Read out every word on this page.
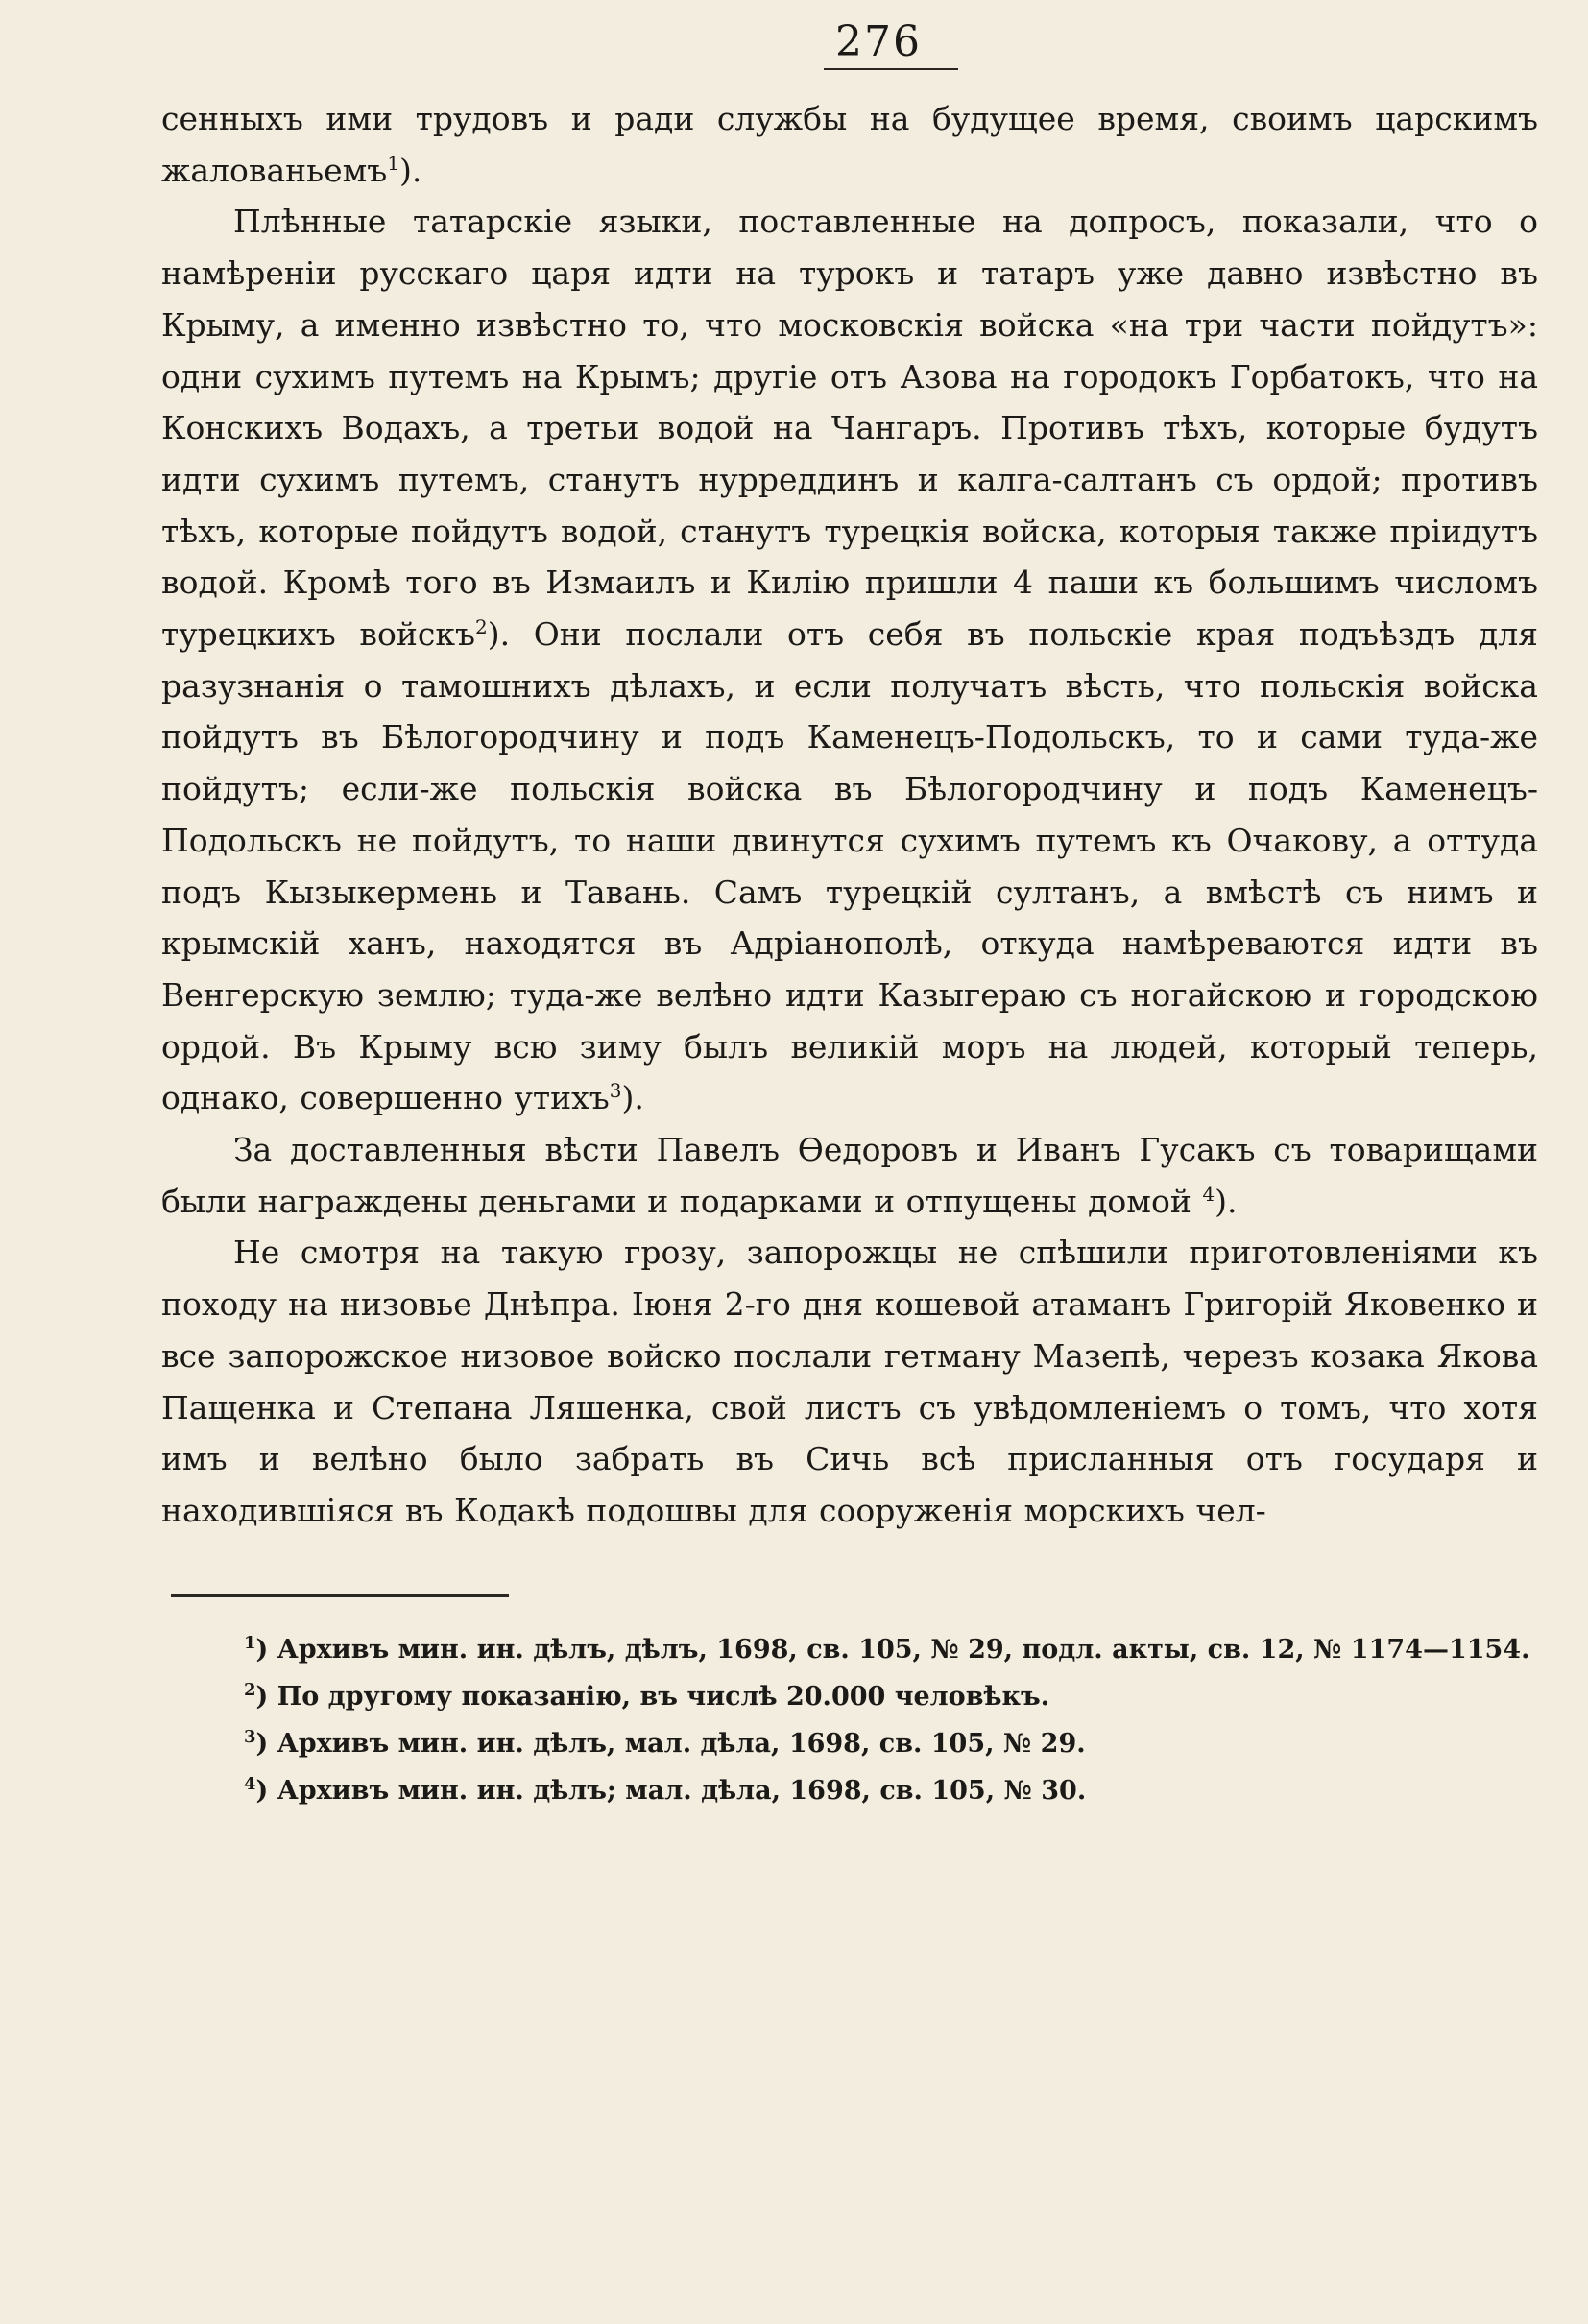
276

сенныхъ ими трудовъ и ради службы на будущее время, своимъ царскимъ жалованьемъ$^1$).

Плѣнные татарскіе языки, поставленные на допросъ, показали, что о намѣреніи русскаго царя идти на турокъ и татаръ уже давно извѣстно въ Крыму, а именно извѣстно то, что московскія войска «на три части пойдутъ»: одни сухимъ путемъ на Крымъ; другіе отъ Азова на городокъ Горбатокъ, что на Конскихъ Водахъ, а третьи водой на Чангаръ. Противъ тѣхъ, которые будутъ идти сухимъ путемъ, станутъ нурреддинъ и калга-салтанъ съ ордой; противъ тѣхъ, которые пойдутъ водой, станутъ турецкія войска, которыя также пріидутъ водой. Кромѣ того въ Измаилъ и Килію пришли 4 паши къ большимъ числомъ турецкихъ войскъ$^2$). Они послали отъ себя въ польскіе края подъѣздъ для разузнанія о тамошнихъ дѣлахъ, и если получатъ вѣсть, что польскія войска пойдутъ въ Бѣлогородчину и подъ Каменецъ-Подольскъ, то и сами туда-же пойдутъ; если-же польскія войска въ Бѣлогородчину и подъ Каменецъ-Подольскъ не пойдутъ, то наши двинутся сухимъ путемъ къ Очакову, а оттуда подъ Кызыкермень и Тавань. Самъ турецкій султанъ, а вмѣстѣ съ нимъ и крымскій ханъ, находятся въ Адріанополѣ, откуда намѣреваются идти въ Венгерскую землю; туда-же велѣно идти Казыгераю съ ногайскою и городскою ордой. Въ Крыму всю зиму былъ великій моръ на людей, который теперь, однако, совершенно утихъ$^3$).

За доставленныя вѣсти Павелъ Ѳедоровъ и Иванъ Гусакъ съ товарищами были награждены деньгами и подарками и отпущены домой $^4$).

Не смотря на такую грозу, запорожцы не спѣшили приготовленіями къ походу на низовье Днѣпра. Іюня 2-го дня кошевой атаманъ Григорій Яковенко и все запорожское низовое войско послали гетману Мазепѣ, черезъ козака Якова Пащенка и Степана Ляшенка, свой листъ съ увѣдомленіемъ о томъ, что хотя имъ и велѣно было забрать въ Сичь всѣ присланныя отъ государя и находившіяся въ Кодакѣ подошвы для сооруженія морскихъ чел-

$^1$) Архивъ мин. ин. дѣлъ, дѣлъ, 1698, св. 105, № 29, подл. акты, св. 12, № 1174—1154.

$^2$) По другому показанію, въ числѣ 20.000 человѣкъ.

$^3$) Архивъ мин. ин. дѣлъ, мал. дѣла, 1698, св. 105, № 29.

$^4$) Архивъ мин. ин. дѣлъ; мал. дѣла, 1698, св. 105, № 30.
